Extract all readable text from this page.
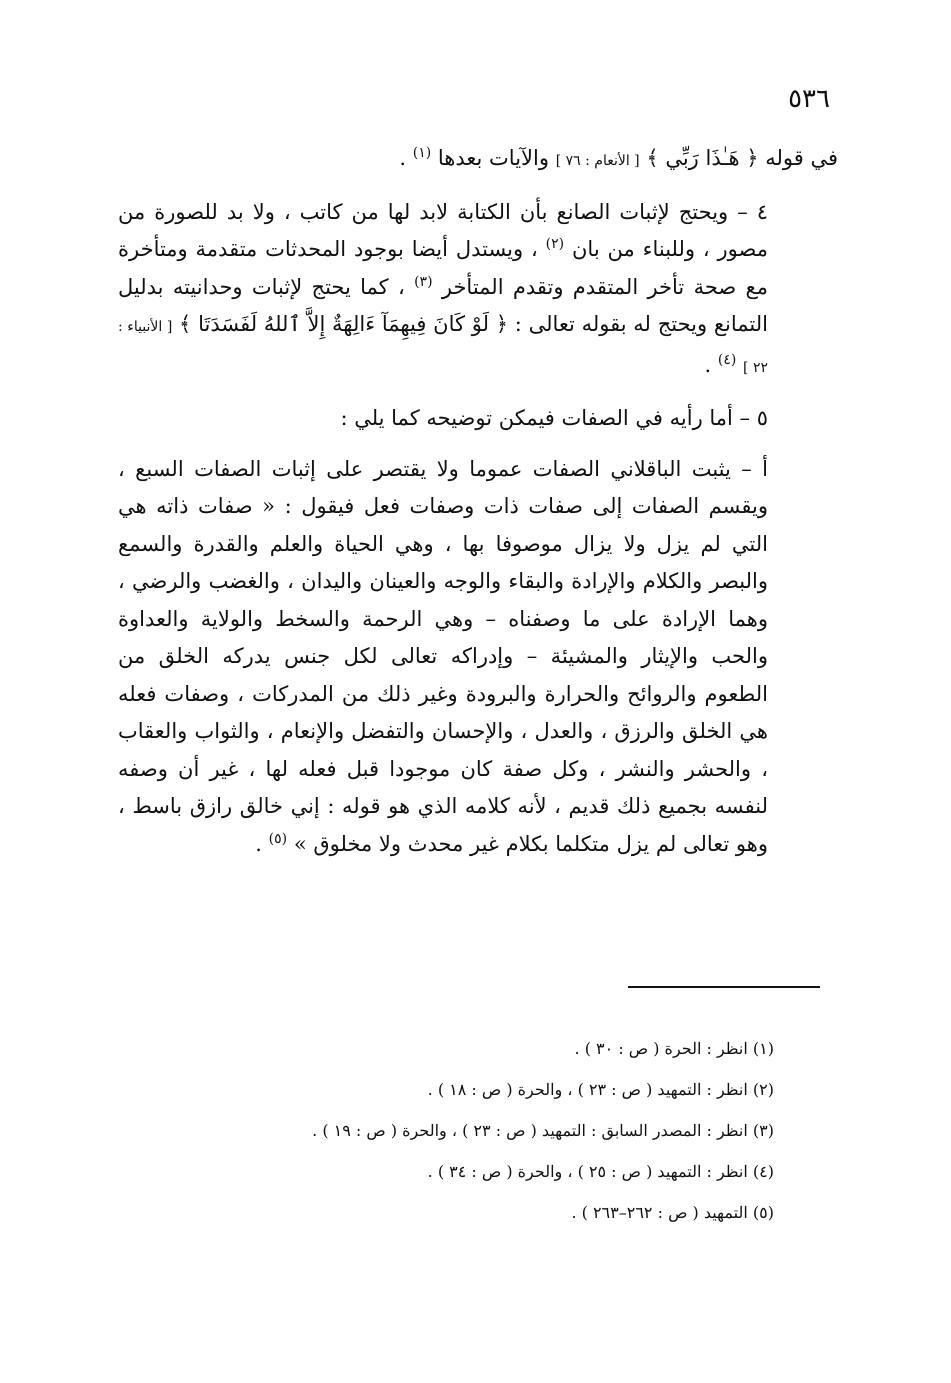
٥٣٦

في قوله ﴿ هَـٰذَا رَبِّي ﴾ [ الأنعام : ٧٦ ] والآيات بعدها $^{(١)}$ .

٤ – ويحتج لإثبات الصانع بأن الكتابة لابد لها من كاتب ، ولا بد للصورة من مصور ، وللبناء من بان $^{(٢)}$ ، ويستدل أيضا بوجود المحدثات متقدمة ومتأخرة مع صحة تأخر المتقدم وتقدم المتأخر $^{(٣)}$ ، كما يحتج لإثبات وحدانيته بدليل التمانع ويحتج له بقوله تعالى : ﴿ لَوْ كَانَ فِيهِمَآ ءَالِهَةٌ إِلاَّ ٱللهُ لَفَسَدَتَا ﴾ [ الأنبياء : ٢٢ ] $^{(٤)}$ .

٥ – أما رأيه في الصفات فيمكن توضيحه كما يلي :

أ – يثبت الباقلاني الصفات عموما ولا يقتصر على إثبات الصفات السبع ، ويقسم الصفات إلى صفات ذات وصفات فعل فيقول : « صفات ذاته هي التي لم يزل ولا يزال موصوفا بها ، وهي الحياة والعلم والقدرة والسمع والبصر والكلام والإرادة والبقاء والوجه والعينان واليدان ، والغضب والرضي ، وهما الإرادة على ما وصفناه – وهي الرحمة والسخط والولاية والعداوة والحب والإيثار والمشيئة – وإدراكه تعالى لكل جنس يدركه الخلق من الطعوم والروائح والحرارة والبرودة وغير ذلك من المدركات ، وصفات فعله هي الخلق والرزق ، والعدل ، والإحسان والتفضل والإنعام ، والثواب والعقاب ، والحشر والنشر ، وكل صفة كان موجودا قبل فعله لها ، غير أن وصفه لنفسه بجميع ذلك قديم ، لأنه كلامه الذي هو قوله : إني خالق رازق باسط ، وهو تعالى لم يزل متكلما بكلام غير محدث ولا مخلوق » $^{(٥)}$ .

(١) انظر : الحرة ( ص : ٣٠ ) .
(٢) انظر : التمهيد ( ص : ٢٣ ) ، والحرة ( ص : ١٨ ) .
(٣) انظر : المصدر السابق : التمهيد ( ص : ٢٣ ) ، والحرة ( ص : ١٩ ) .
(٤) انظر : التمهيد ( ص : ٢٥ ) ، والحرة ( ص : ٣٤ ) .
(٥) التمهيد ( ص : ٢٦٢–٢٦٣ ) .
